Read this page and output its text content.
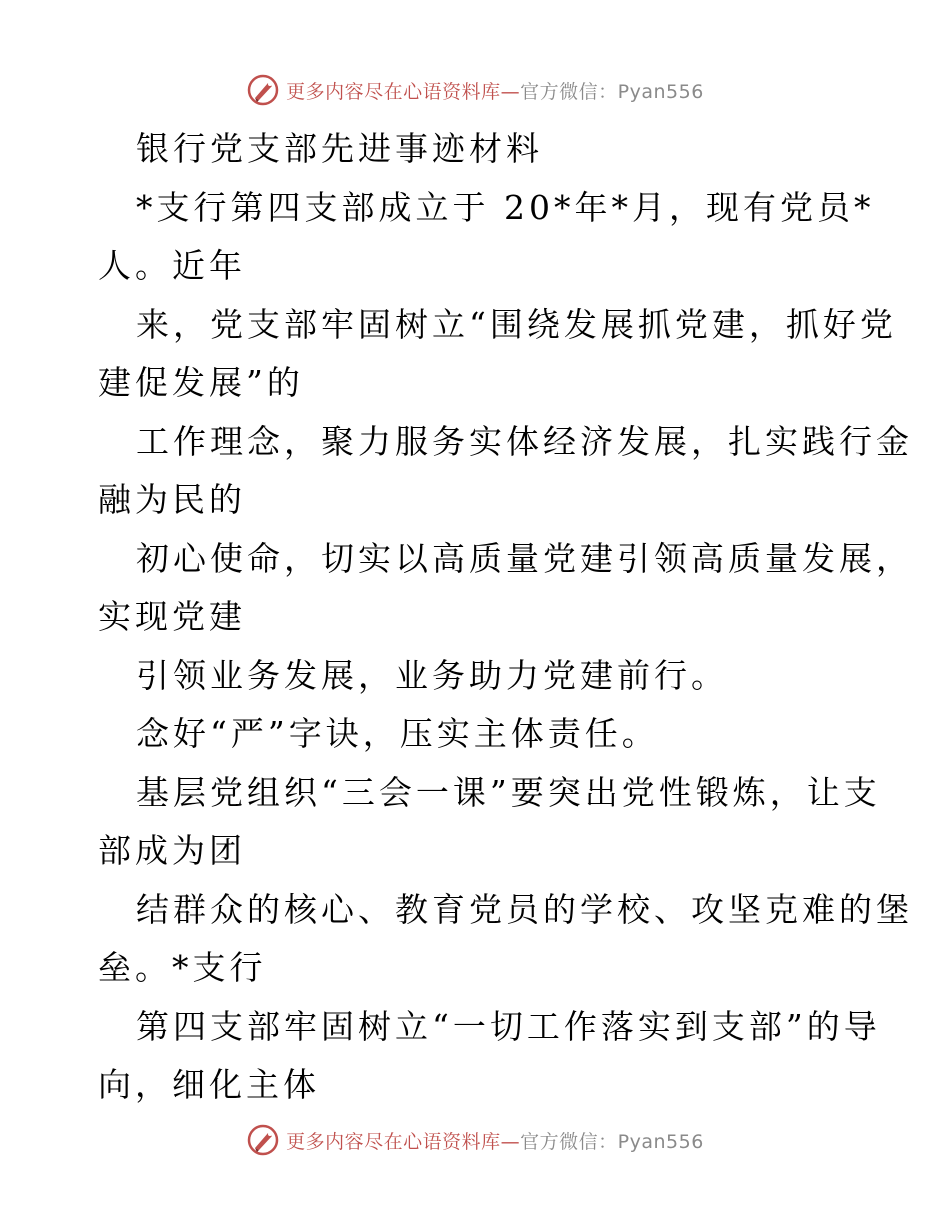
更多内容尽在心语资料库—官方微信：Pyan556
银行党支部先进事迹材料
*支行第四支部成立于 20*年*月，现有党员*
人。近年
来，党支部牢固树立“围绕发展抓党建，抓好党
建促发展”的
工作理念，聚力服务实体经济发展，扎实践行金
融为民的
初心使命，切实以高质量党建引领高质量发展，
实现党建
引领业务发展，业务助力党建前行。
念好“严”字诀，压实主体责任。
基层党组织“三会一课”要突出党性锻炼，让支
部成为团
结群众的核心、教育党员的学校、攻坚克难的堡
垒。*支行
第四支部牢固树立“一切工作落实到支部”的导
向，细化主体
更多内容尽在心语资料库—官方微信：Pyan556
